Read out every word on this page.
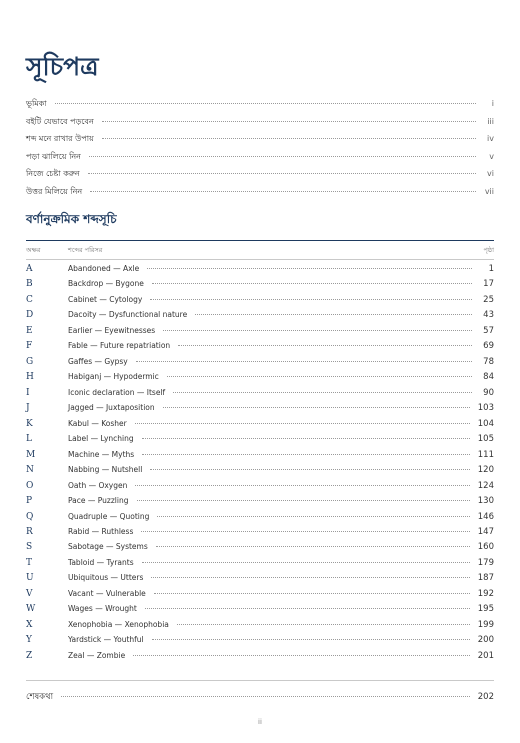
সূচিপত্র
ভূমিকা	i
বইটি যেভাবে পড়বেন	iii
শব্দ মনে রাখার উপায়	iv
পড়া ঝালিয়ে নিন	v
নিজে চেষ্টা করুন	vi
উত্তর মিলিয়ে নিন	vii
বর্ণানুক্রমিক শব্দসূচি
অক্ষর	শব্দের পরিসর	পৃষ্ঠা
A	Abandoned — Axle	1
B	Backdrop — Bygone	17
C	Cabinet — Cytology	25
D	Dacoity — Dysfunctional nature	43
E	Earlier — Eyewitnesses	57
F	Fable — Future repatriation	69
G	Gaffes — Gypsy	78
H	Habiganj — Hypodermic	84
I	Iconic declaration — Itself	90
J	Jagged — Juxtaposition	103
K	Kabul — Kosher	104
L	Label — Lynching	105
M	Machine — Myths	111
N	Nabbing — Nutshell	120
O	Oath — Oxygen	124
P	Pace — Puzzling	130
Q	Quadruple — Quoting	146
R	Rabid — Ruthless	147
S	Sabotage — Systems	160
T	Tabloid — Tyrants	179
U	Ubiquitous — Utters	187
V	Vacant — Vulnerable	192
W	Wages — Wrought	195
X	Xenophobia — Xenophobia	199
Y	Yardstick — Youthful	200
Z	Zeal — Zombie	201
শেষকথা	202
ii
